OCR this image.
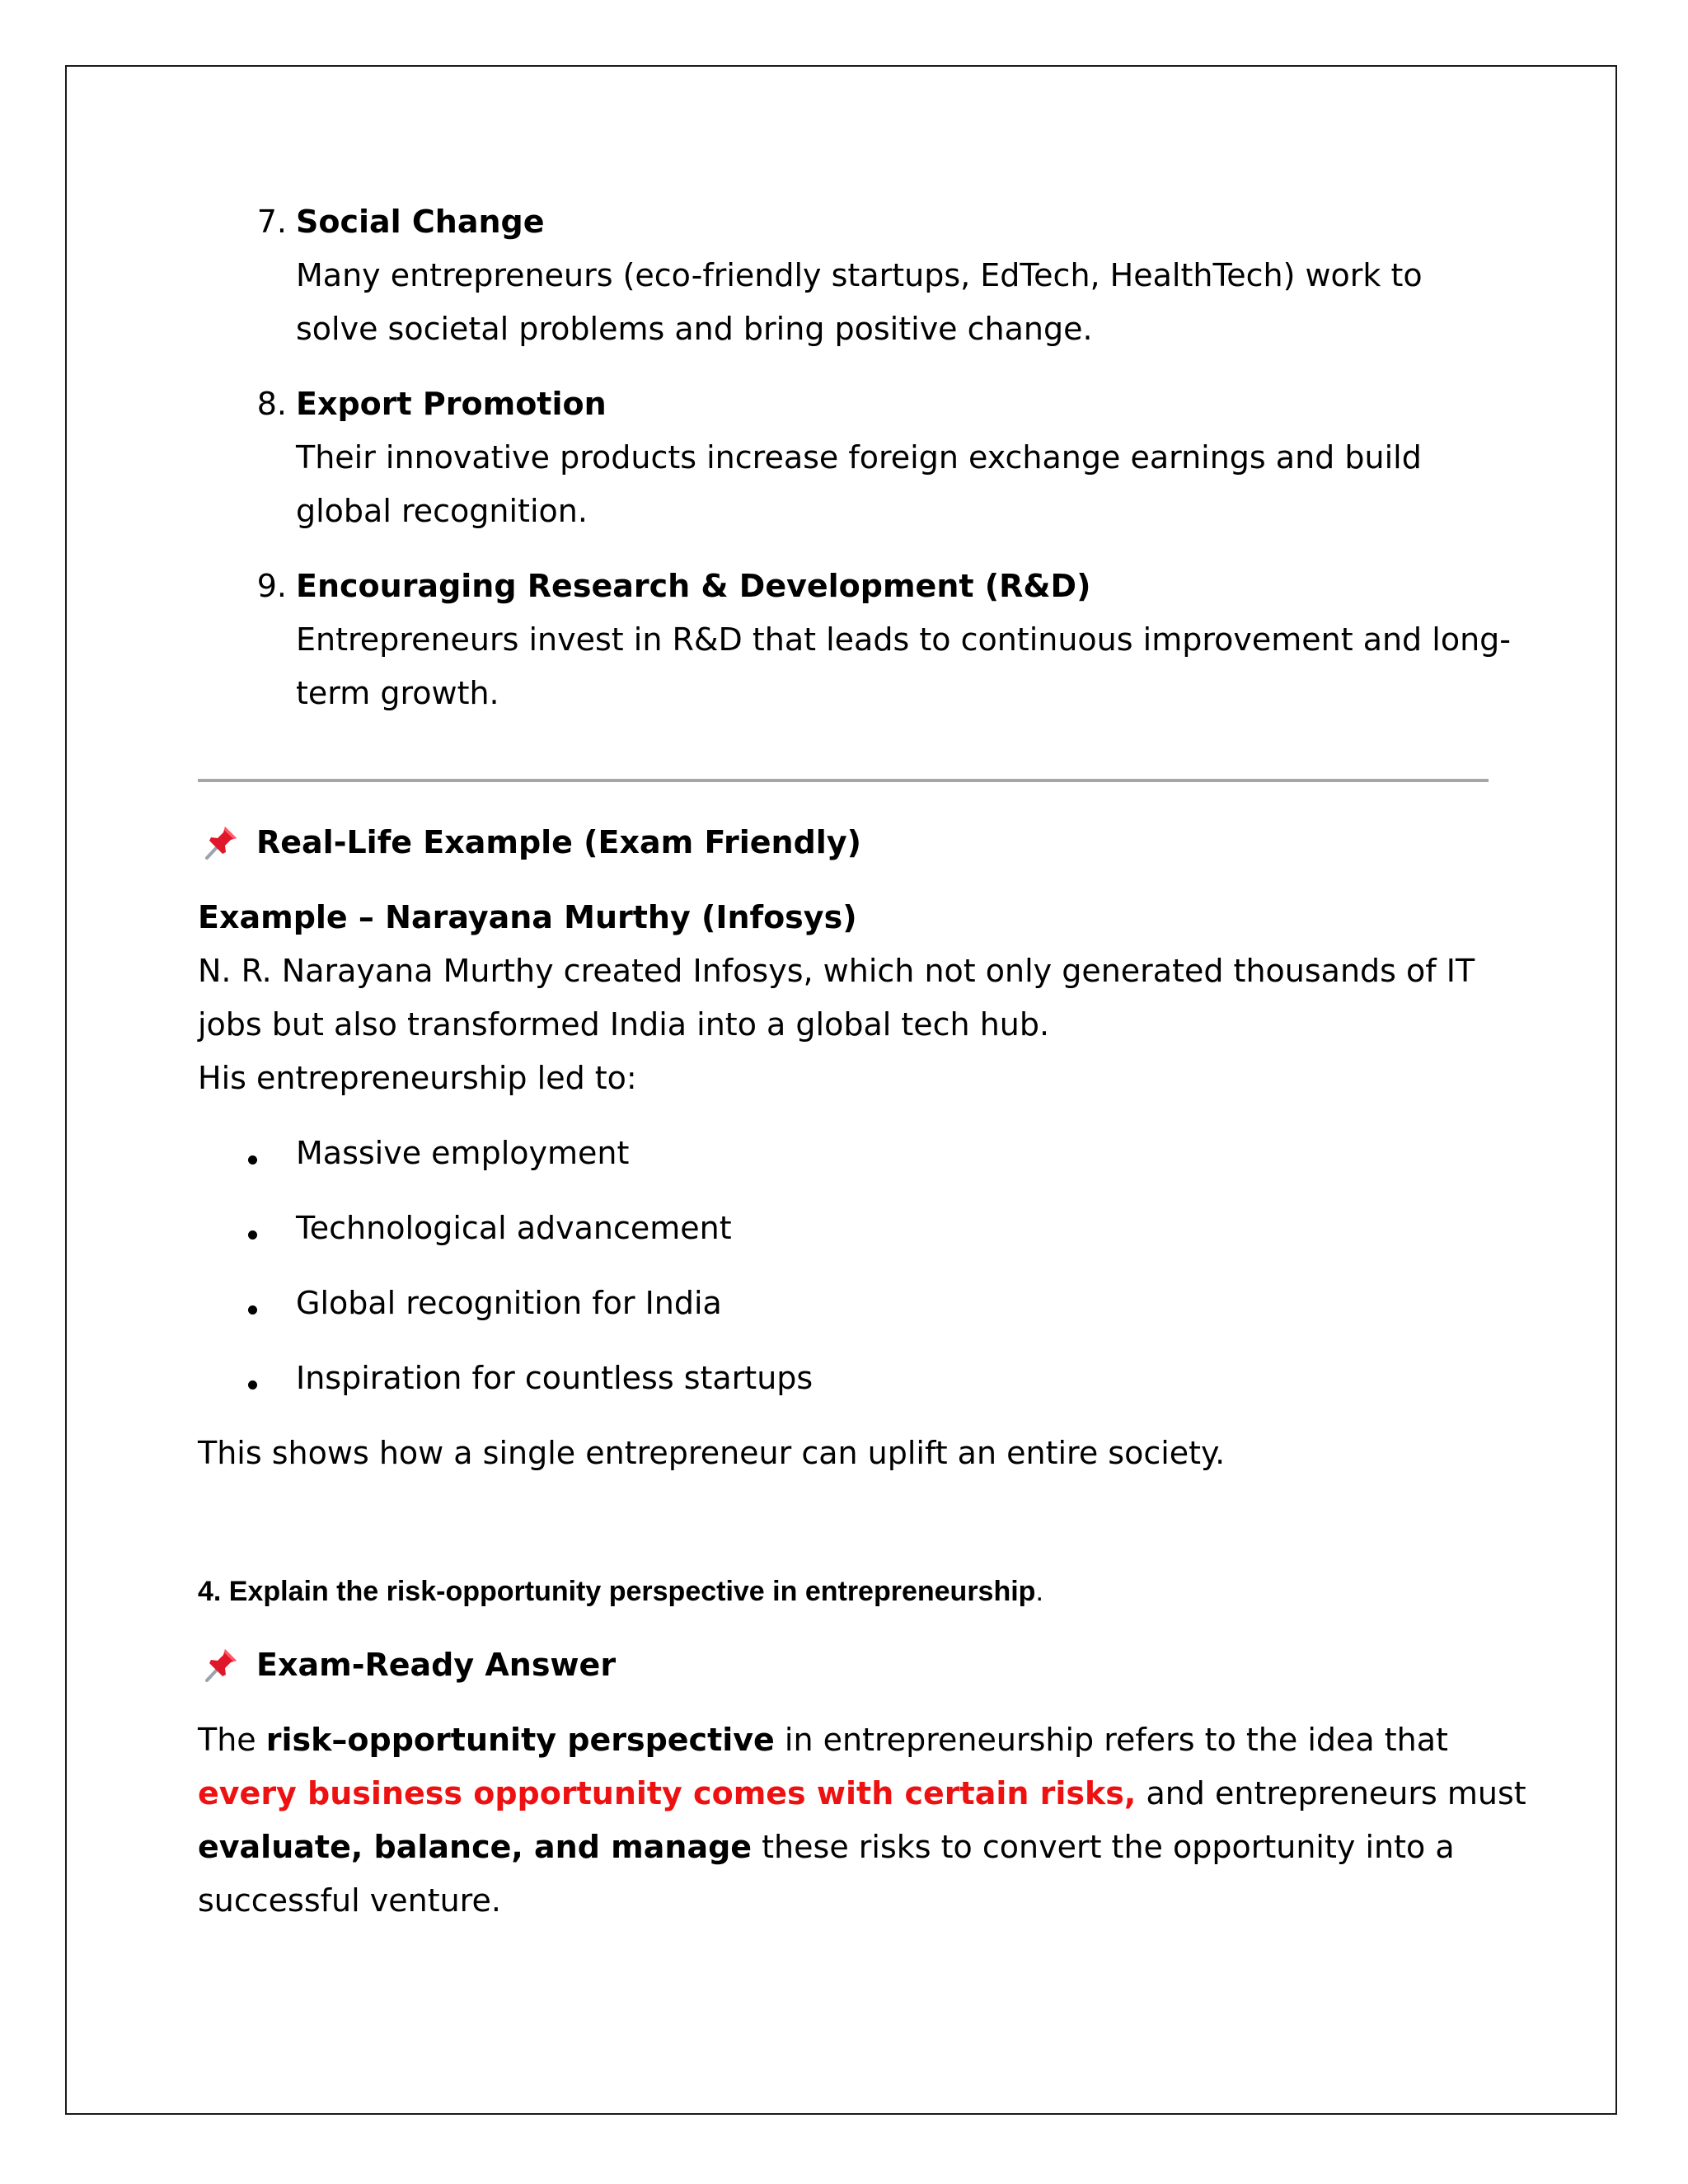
7. Social Change
Many entrepreneurs (eco-friendly startups, EdTech, HealthTech) work to
solve societal problems and bring positive change.
8. Export Promotion
Their innovative products increase foreign exchange earnings and build
global recognition.
9. Encouraging Research & Development (R&D)
Entrepreneurs invest in R&D that leads to continuous improvement and long-
term growth.
Real-Life Example (Exam Friendly)
Example – Narayana Murthy (Infosys)
N. R. Narayana Murthy created Infosys, which not only generated thousands of IT
jobs but also transformed India into a global tech hub.
His entrepreneurship led to:
Massive employment
Technological advancement
Global recognition for India
Inspiration for countless startups
This shows how a single entrepreneur can uplift an entire society.
4. Explain the risk-opportunity perspective in entrepreneurship.
Exam-Ready Answer
The risk–opportunity perspective in entrepreneurship refers to the idea that
every business opportunity comes with certain risks, and entrepreneurs must
evaluate, balance, and manage these risks to convert the opportunity into a
successful venture.
